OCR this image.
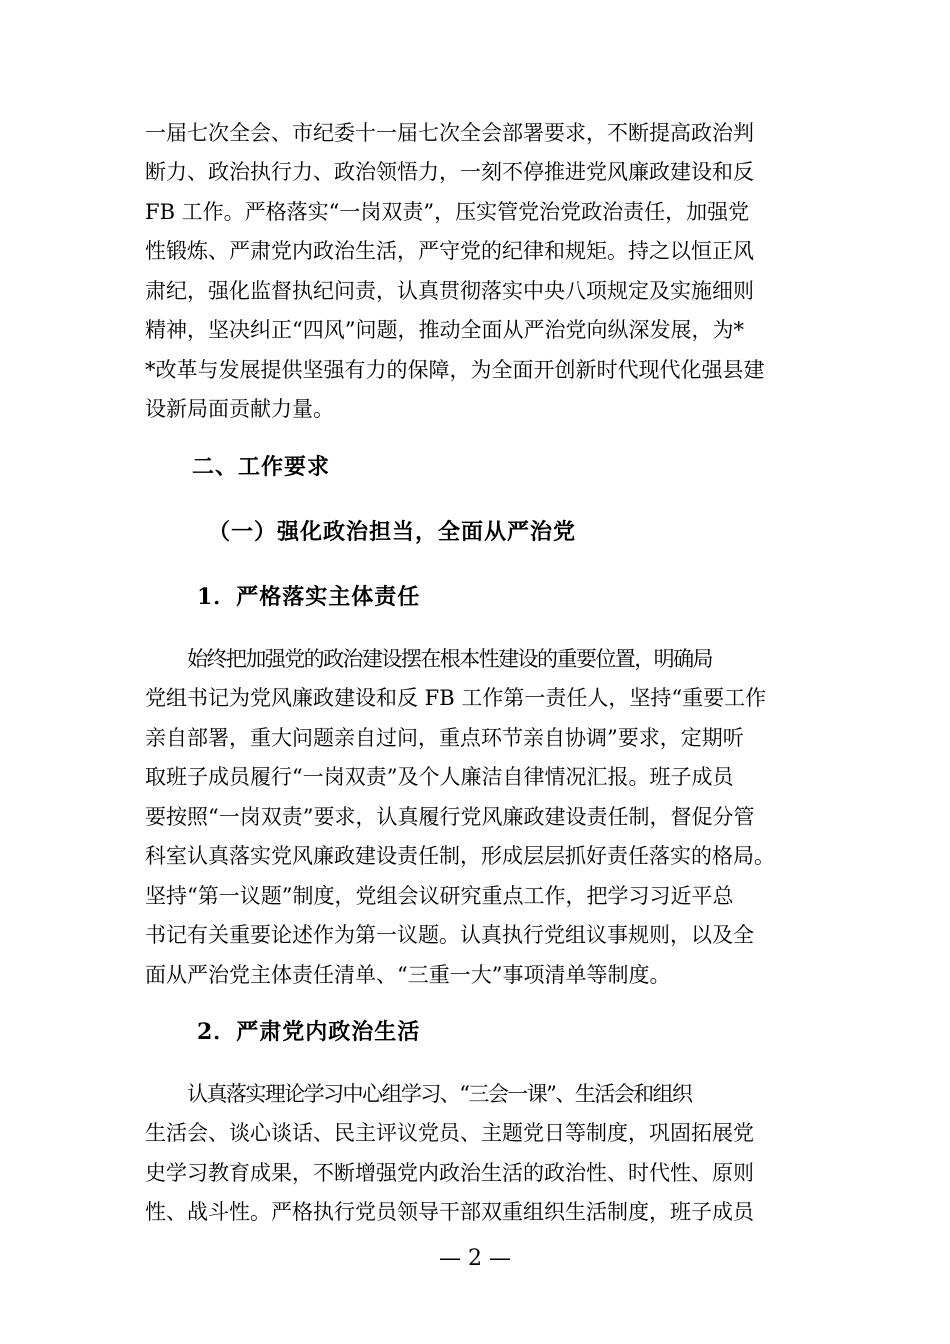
一届七次全会、市纪委十一届七次全会部署要求，不断提高政治判
断力、政治执行力、政治领悟力，一刻不停推进党风廉政建设和反
FB 工作。严格落实“一岗双责”，压实管党治党政治责任，加强党
性锻炼、严肃党内政治生活，严守党的纪律和规矩。持之以恒正风
肃纪，强化监督执纪问责，认真贯彻落实中央八项规定及实施细则
精神，坚决纠正“四风”问题，推动全面从严治党向纵深发展，为*
*改革与发展提供坚强有力的保障，为全面开创新时代现代化强县建
设新局面贡献力量。
二、工作要求
（一）强化政治担当，全面从严治党
1．严格落实主体责任
始终把加强党的政治建设摆在根本性建设的重要位置，明确局
党组书记为党风廉政建设和反 FB 工作第一责任人，坚持“重要工作
亲自部署，重大问题亲自过问，重点环节亲自协调”要求，定期听
取班子成员履行“一岗双责”及个人廉洁自律情况汇报。班子成员
要按照“一岗双责”要求，认真履行党风廉政建设责任制，督促分管
科室认真落实党风廉政建设责任制，形成层层抓好责任落实的格局。
坚持“第一议题”制度，党组会议研究重点工作，把学习习近平总
书记有关重要论述作为第一议题。认真执行党组议事规则，以及全
面从严治党主体责任清单、“三重一大”事项清单等制度。
2．严肃党内政治生活
认真落实理论学习中心组学习、“三会一课”、生活会和组织
生活会、谈心谈话、民主评议党员、主题党日等制度，巩固拓展党
史学习教育成果，不断增强党内政治生活的政治性、时代性、原则
性、战斗性。严格执行党员领导干部双重组织生活制度，班子成员
— 2 —
